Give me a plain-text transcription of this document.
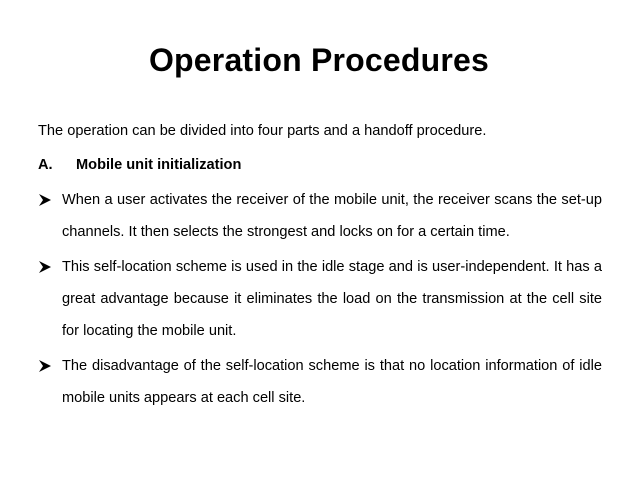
Operation Procedures

The operation can be divided into four parts and a handoff procedure.

A.	Mobile unit initialization
When a user activates the receiver of the mobile unit, the receiver scans the set-up channels. It then selects the strongest and locks on for a certain time.
This self-location scheme is used in the idle stage and is user-independent. It has a great advantage because it eliminates the load on the transmission at the cell site for locating the mobile unit.
The disadvantage of the self-location scheme is that no location information of idle mobile units appears at each cell site.
